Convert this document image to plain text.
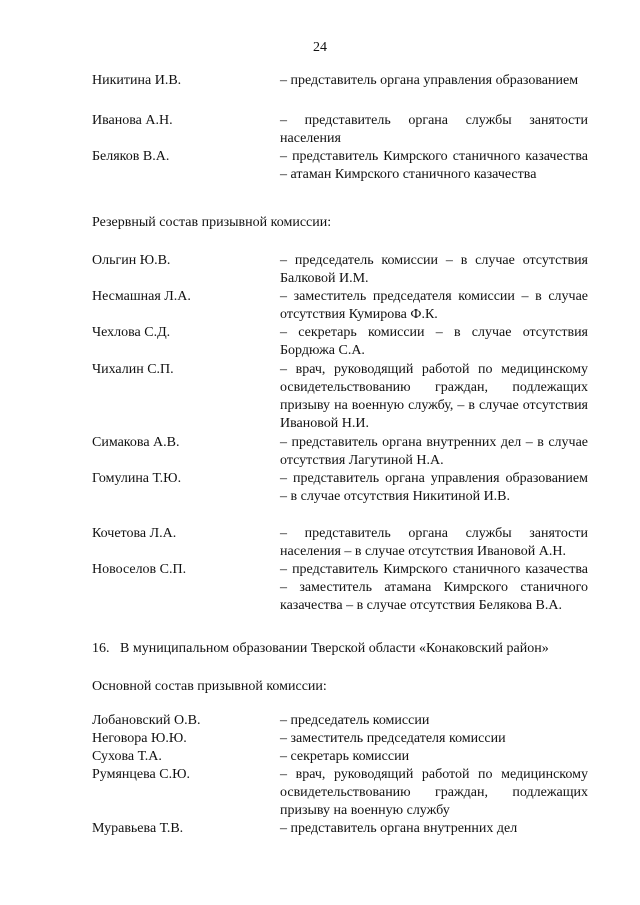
24
Никитина И.В.	– представитель органа управления образованием
Иванова А.Н.	– представитель органа службы занятости населения
Беляков В.А.	– представитель Кимрского станичного казачества – атаман Кимрского станичного казачества
Резервный состав призывной комиссии:
Ольгин Ю.В.	– председатель комиссии – в случае отсутствия Балковой И.М.
Несмашная Л.А.	– заместитель председателя комиссии – в случае отсутствия Кумирова Ф.К.
Чехлова С.Д.	– секретарь комиссии – в случае отсутствия Бордюжа С.А.
Чихалин С.П.	– врач, руководящий работой по медицинскому освидетельствованию граждан, подлежащих призыву на военную службу, – в случае отсутствия Ивановой Н.И.
Симакова А.В.	– представитель органа внутренних дел – в случае отсутствия Лагутиной Н.А.
Гомулина Т.Ю.	– представитель органа управления образованием – в случае отсутствия Никитиной И.В.
Кочетова Л.А.	– представитель органа службы занятости населения – в случае отсутствия Ивановой А.Н.
Новоселов С.П.	– представитель Кимрского станичного казачества – заместитель атамана Кимрского станичного казачества – в случае отсутствия Белякова В.А.
16. В муниципальном образовании Тверской области «Конаковский район»
Основной состав призывной комиссии:
Лобановский О.В.	– председатель комиссии
Неговора Ю.Ю.	– заместитель председателя комиссии
Сухова Т.А.	– секретарь комиссии
Румянцева С.Ю.	– врач, руководящий работой по медицинскому освидетельствованию граждан, подлежащих призыву на военную службу
Муравьева Т.В.	– представитель органа внутренних дел
